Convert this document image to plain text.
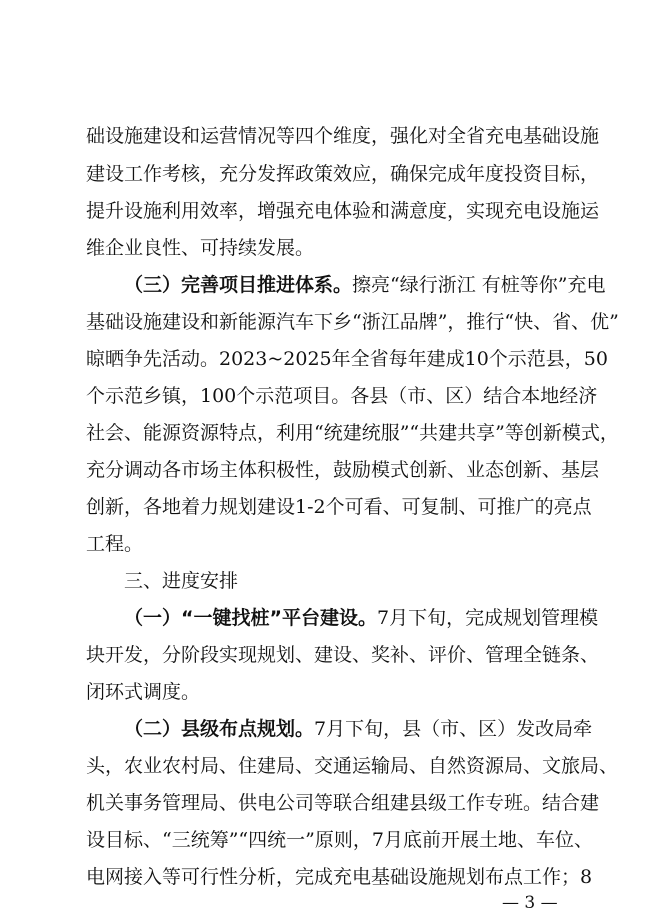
础设施建设和运营情况等四个维度，强化对全省充电基础设施
建设工作考核，充分发挥政策效应，确保完成年度投资目标，
提升设施利用效率，增强充电体验和满意度，实现充电设施运
维企业良性、可持续发展。
（三）完善项目推进体系。擦亮“绿行浙江 有桩等你”充电
基础设施建设和新能源汽车下乡“浙江品牌”，推行“快、省、优”
晾晒争先活动。2023~2025年全省每年建成10个示范县，50
个示范乡镇，100个示范项目。各县（市、区）结合本地经济
社会、能源资源特点，利用“统建统服”“共建共享”等创新模式，
充分调动各市场主体积极性，鼓励模式创新、业态创新、基层
创新，各地着力规划建设1-2个可看、可复制、可推广的亮点
工程。
三、进度安排
（一）“一键找桩”平台建设。7月下旬，完成规划管理模
块开发，分阶段实现规划、建设、奖补、评价、管理全链条、
闭环式调度。
（二）县级布点规划。7月下旬，县（市、区）发改局牵
头，农业农村局、住建局、交通运输局、自然资源局、文旅局、
机关事务管理局、供电公司等联合组建县级工作专班。结合建
设目标、“三统筹”“四统一”原则，7月底前开展土地、车位、
电网接入等可行性分析，完成充电基础设施规划布点工作；8
— 3 —
